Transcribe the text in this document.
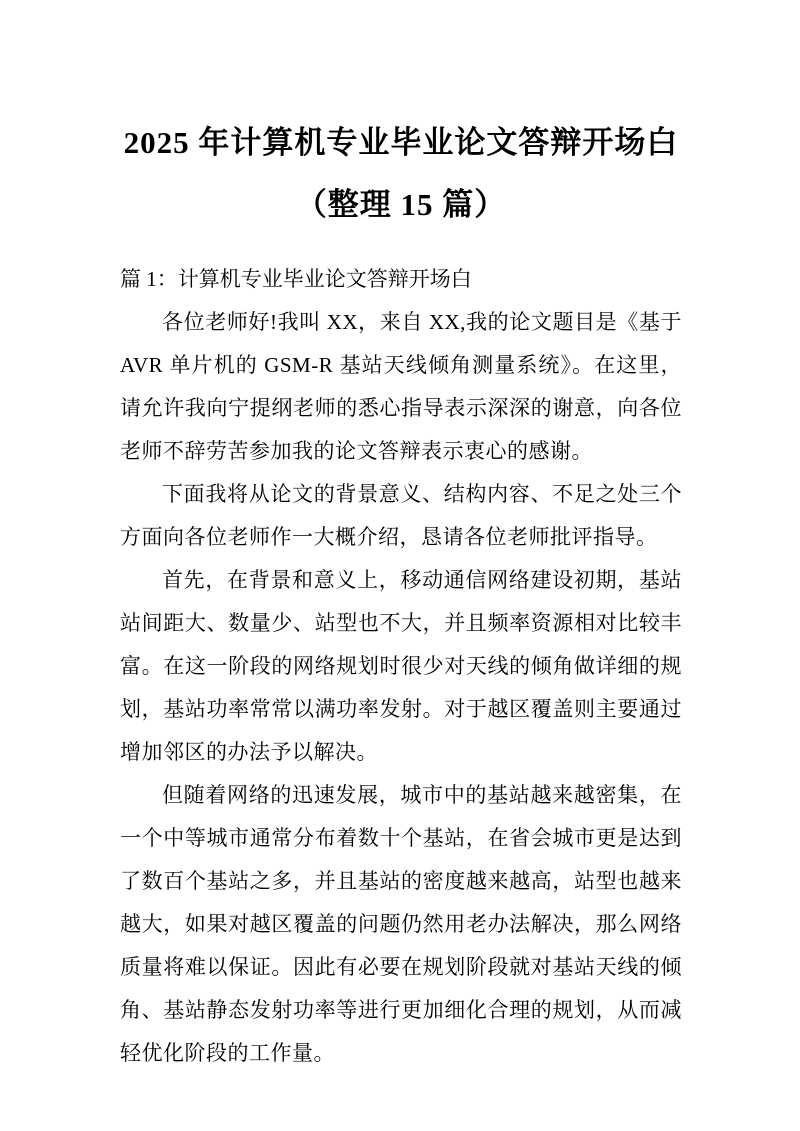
2025 年计算机专业毕业论文答辩开场白（整理 15 篇）

篇 1：计算机专业毕业论文答辩开场白

各位老师好!我叫 XX，来自 XX,我的论文题目是《基于 AVR 单片机的 GSM-R 基站天线倾角测量系统》。在这里，请允许我向宁提纲老师的悉心指导表示深深的谢意，向各位老师不辞劳苦参加我的论文答辩表示衷心的感谢。

下面我将从论文的背景意义、结构内容、不足之处三个方面向各位老师作一大概介绍，恳请各位老师批评指导。

首先，在背景和意义上，移动通信网络建设初期，基站站间距大、数量少、站型也不大，并且频率资源相对比较丰富。在这一阶段的网络规划时很少对天线的倾角做详细的规划，基站功率常常以满功率发射。对于越区覆盖则主要通过增加邻区的办法予以解决。

但随着网络的迅速发展，城市中的基站越来越密集，在一个中等城市通常分布着数十个基站，在省会城市更是达到了数百个基站之多，并且基站的密度越来越高，站型也越来越大，如果对越区覆盖的问题仍然用老办法解决，那么网络质量将难以保证。因此有必要在规划阶段就对基站天线的倾角、基站静态发射功率等进行更加细化合理的规划，从而减轻优化阶段的工作量。
